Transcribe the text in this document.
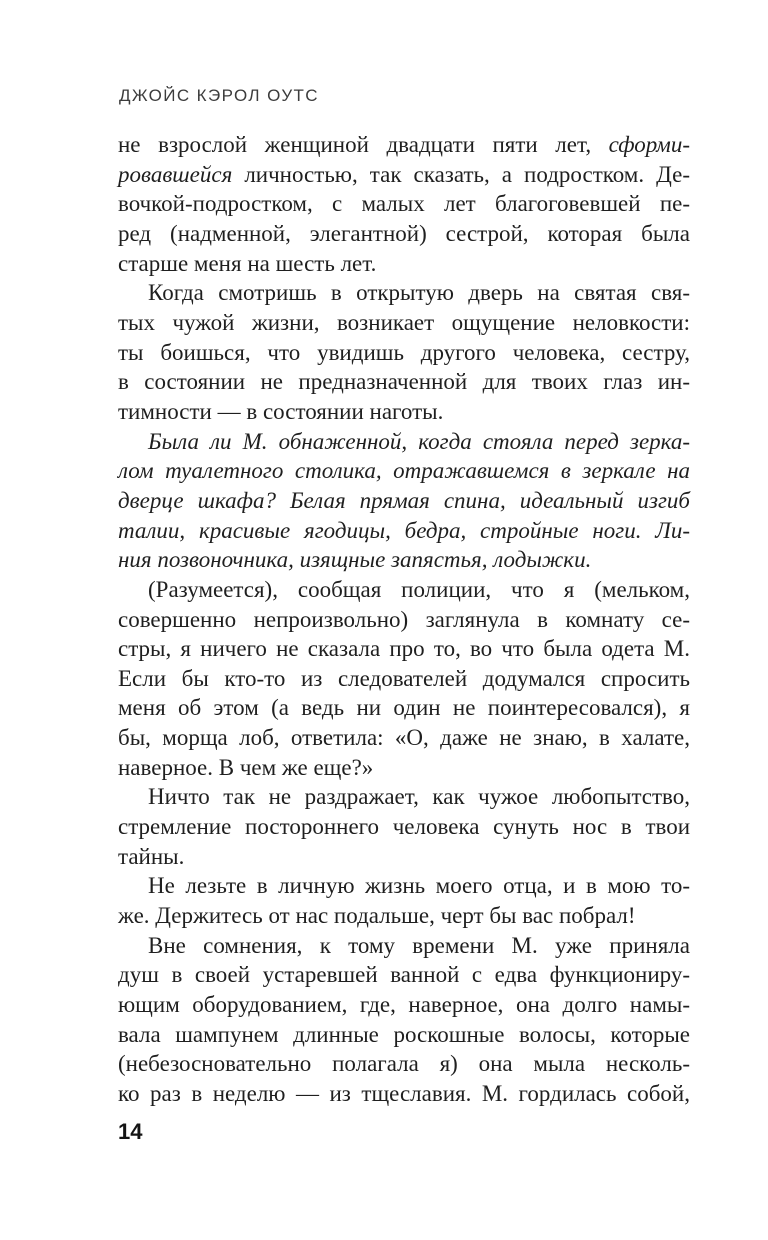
ДЖОЙС КЭРОЛ ОУТС
не взрослой женщиной двадцати пяти лет, сформи-
ровавшейся личностью, так сказать, а подростком. Де-
вочкой-подростком, с малых лет благоговевшей пе-
ред (надменной, элегантной) сестрой, которая была
старше меня на шесть лет.
Когда смотришь в открытую дверь на святая свя-
тых чужой жизни, возникает ощущение неловкости:
ты боишься, что увидишь другого человека, сестру,
в состоянии не предназначенной для твоих глаз ин-
тимности — в состоянии наготы.
Была ли М. обнаженной, когда стояла перед зерка-
лом туалетного столика, отражавшемся в зеркале на
дверце шкафа? Белая прямая спина, идеальный изгиб
талии, красивые ягодицы, бедра, стройные ноги. Ли-
ния позвоночника, изящные запястья, лодыжки.
(Разумеется), сообщая полиции, что я (мельком,
совершенно непроизвольно) заглянула в комнату се-
стры, я ничего не сказала про то, во что была одета М.
Если бы кто-то из следователей додумался спросить
меня об этом (а ведь ни один не поинтересовался), я
бы, морща лоб, ответила: «О, даже не знаю, в халате,
наверное. В чем же еще?»
Ничто так не раздражает, как чужое любопытство,
стремление постороннего человека сунуть нос в твои
тайны.
Не лезьте в личную жизнь моего отца, и в мою то-
же. Держитесь от нас подальше, черт бы вас побрал!
Вне сомнения, к тому времени М. уже приняла
душ в своей устаревшей ванной с едва функциониру-
ющим оборудованием, где, наверное, она долго намы-
вала шампунем длинные роскошные волосы, которые
(небезосновательно полагала я) она мыла несколь-
ко раз в неделю — из тщеславия. М. гордилась собой,
14
